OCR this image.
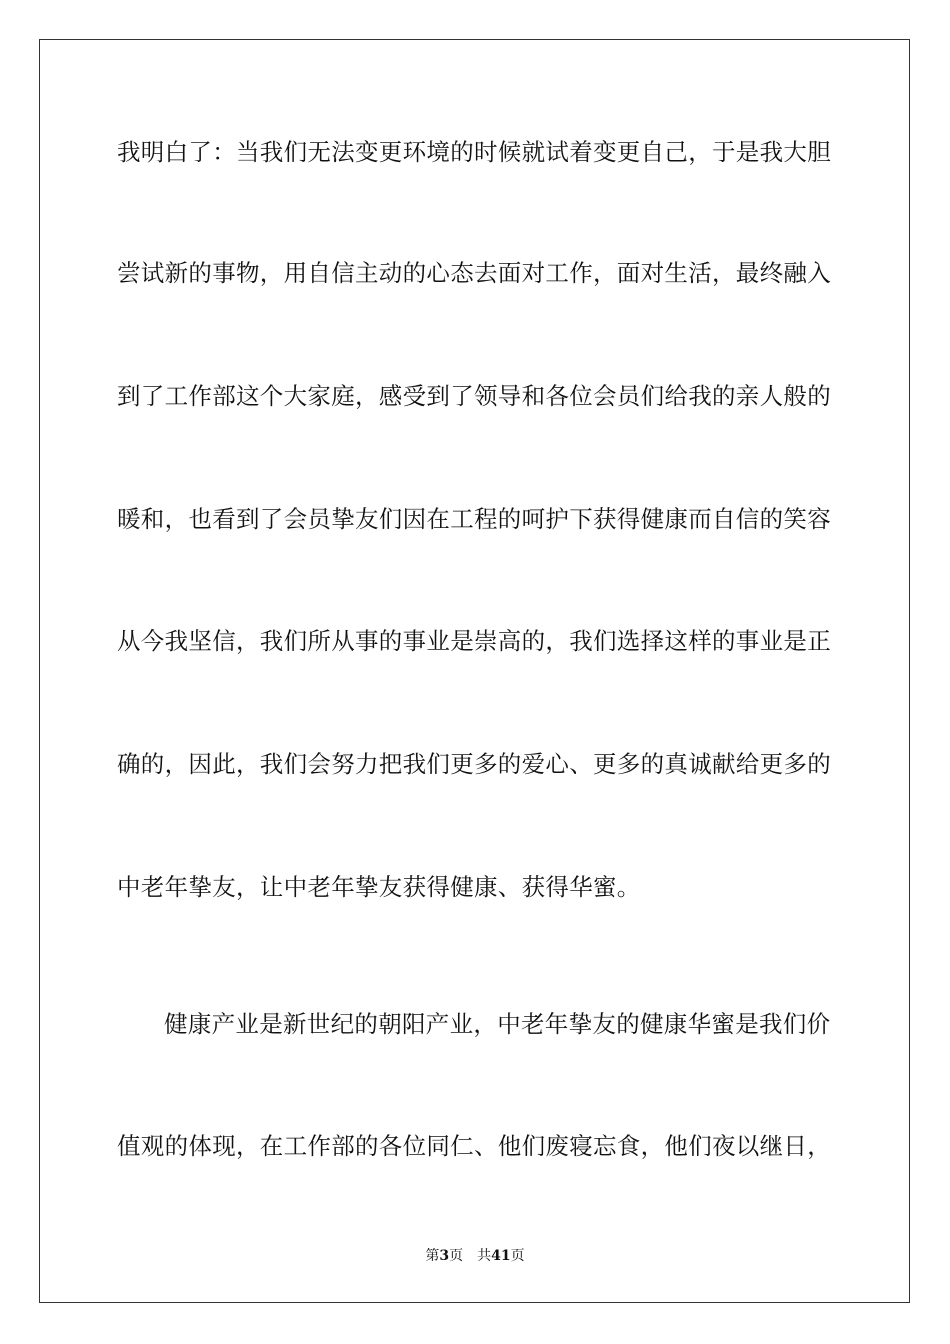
我明白了：当我们无法变更环境的时候就试着变更自己，于是我大胆
尝试新的事物，用自信主动的心态去面对工作，面对生活，最终融入
到了工作部这个大家庭，感受到了领导和各位会员们给我的亲人般的
暖和，也看到了会员挚友们因在工程的呵护下获得健康而自信的笑容
从今我坚信，我们所从事的事业是崇高的，我们选择这样的事业是正
确的，因此，我们会努力把我们更多的爱心、更多的真诚献给更多的
中老年挚友，让中老年挚友获得健康、获得华蜜。
健康产业是新世纪的朝阳产业，中老年挚友的健康华蜜是我们价
值观的体现，在工作部的各位同仁、他们废寝忘食，他们夜以继日，
第3页 共41页
